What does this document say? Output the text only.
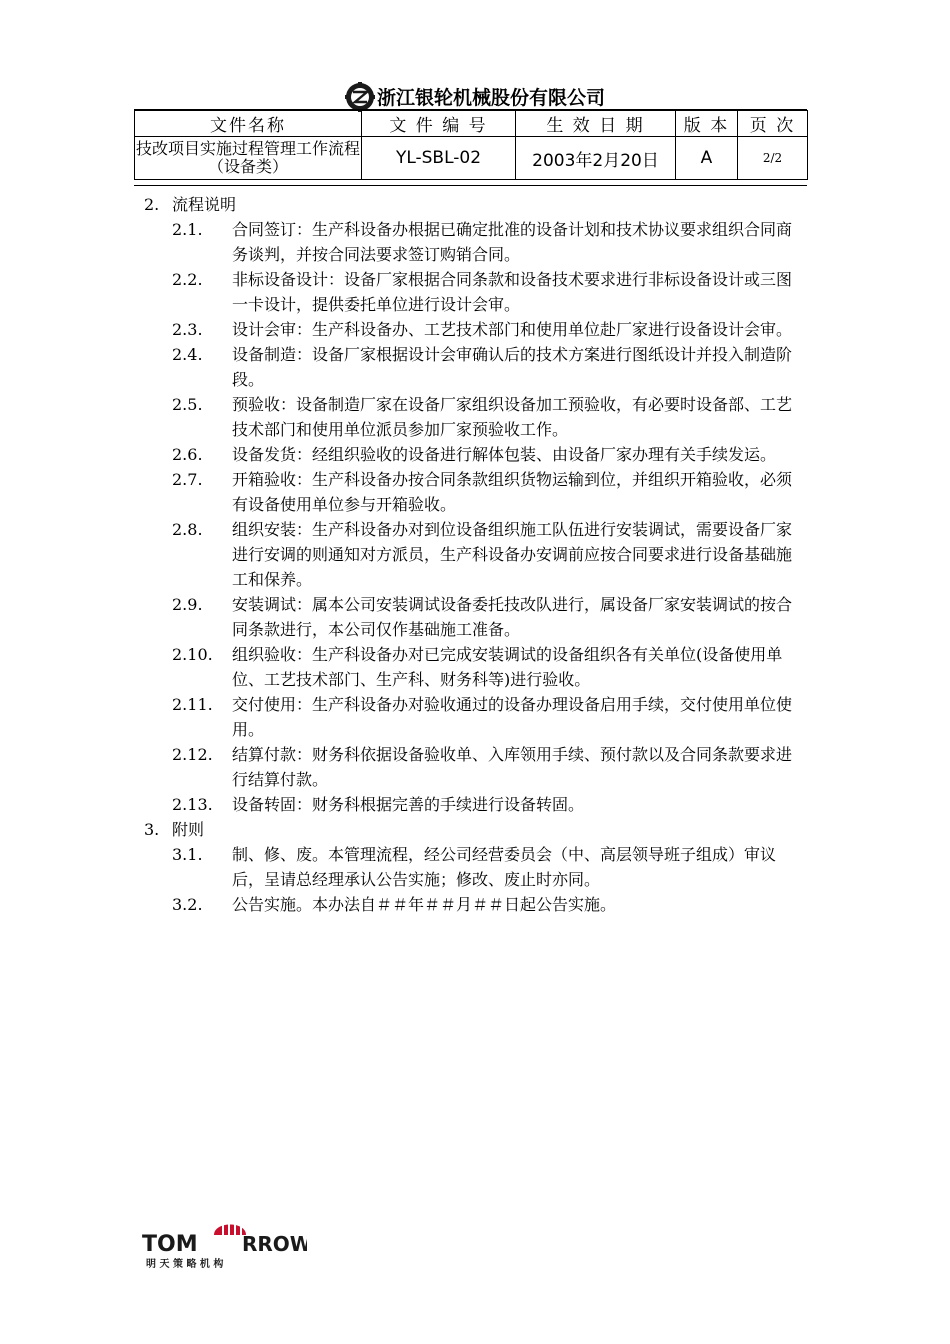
浙江银轮机械股份有限公司
文件名称	文 件 编 号	生 效 日 期	版 本	页 次
技改项目实施过程管理工作流程（设备类）	YL-SBL-02	2003年2月20日	A	2/2
2. 流程说明
2.1. 合同签订：生产科设备办根据已确定批准的设备计划和技术协议要求组织合同商务谈判，并按合同法要求签订购销合同。
2.2. 非标设备设计：设备厂家根据合同条款和设备技术要求进行非标设备设计或三图一卡设计，提供委托单位进行设计会审。
2.3. 设计会审：生产科设备办、工艺技术部门和使用单位赴厂家进行设备设计会审。
2.4. 设备制造：设备厂家根据设计会审确认后的技术方案进行图纸设计并投入制造阶段。
2.5. 预验收：设备制造厂家在设备厂家组织设备加工预验收，有必要时设备部、工艺技术部门和使用单位派员参加厂家预验收工作。
2.6. 设备发货：经组织验收的设备进行解体包装、由设备厂家办理有关手续发运。
2.7. 开箱验收：生产科设备办按合同条款组织货物运输到位，并组织开箱验收，必须有设备使用单位参与开箱验收。
2.8. 组织安装：生产科设备办对到位设备组织施工队伍进行安装调试，需要设备厂家进行安调的则通知对方派员，生产科设备办安调前应按合同要求进行设备基础施工和保养。
2.9. 安装调试：属本公司安装调试设备委托技改队进行，属设备厂家安装调试的按合同条款进行，本公司仅作基础施工准备。
2.10. 组织验收：生产科设备办对已完成安装调试的设备组织各有关单位(设备使用单位、工艺技术部门、生产科、财务科等)进行验收。
2.11. 交付使用：生产科设备办对验收通过的设备办理设备启用手续，交付使用单位使用。
2.12. 结算付款：财务科依据设备验收单、入库领用手续、预付款以及合同条款要求进行结算付款。
2.13. 设备转固：财务科根据完善的手续进行设备转固。
3. 附则
3.1. 制、修、废。本管理流程，经公司经营委员会（中、高层领导班子组成）审议后，呈请总经理承认公告实施；修改、废止时亦同。
3.2. 公告实施。本办法自＃＃年＃＃月＃＃日起公告实施。
TOM RROW
明 天 策 略 机 构
